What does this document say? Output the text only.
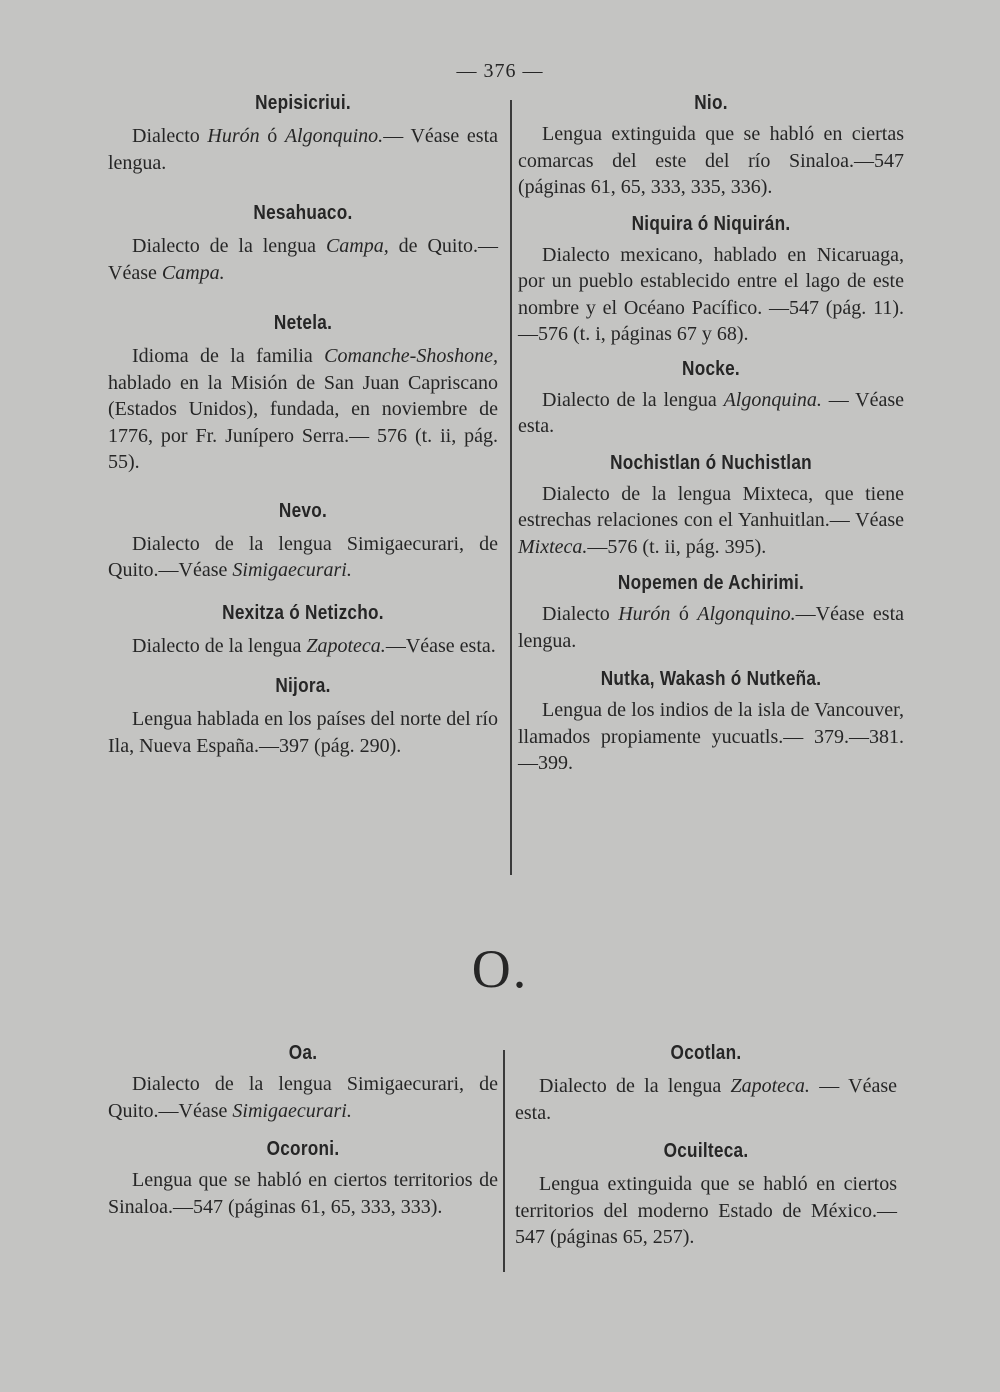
— 376 —
Nepisicriui.

Dialecto Hurón ó Algonquino.— Véase esta lengua.

Nesahuaco.

Dialecto de la lengua Campa, de Quito.— Véase Campa.

Netela.

Idioma de la familia Comanche-Shoshone, hablado en la Misión de San Juan Capriscano (Estados Unidos), fundada, en noviembre de 1776, por Fr. Junípero Serra.— 576 (t. ii, pág. 55).

Nevo.

Dialecto de la lengua Simigaecurari, de Quito.—Véase Simigaecurari.

Nexitza ó Netizcho.

Dialecto de la lengua Zapoteca.—Véase esta.

Nijora.

Lengua hablada en los países del norte del río Ila, Nueva España.—397 (pág. 290).

Nio.

Lengua extinguida que se habló en ciertas comarcas del este del río Sinaloa.—547 (páginas 61, 65, 333, 335, 336).

Niquira ó Niquirán.

Dialecto mexicano, hablado en Nicaruaga, por un pueblo establecido entre el lago de este nombre y el Océano Pacífico. —547 (pág. 11).—576 (t. i, páginas 67 y 68).

Nocke.

Dialecto de la lengua Algonquina. — Véase esta.

Nochistlan ó Nuchistlan

Dialecto de la lengua Mixteca, que tiene estrechas relaciones con el Yanhuitlan.— Véase Mixteca.—576 (t. ii, pág. 395).

Nopemen de Achirimi.

Dialecto Hurón ó Algonquino.—Véase esta lengua.

Nutka, Wakash ó Nutkeña.

Lengua de los indios de la isla de Vancouver, llamados propiamente yucuatls.— 379.—381.—399.

O.
Oa.

Dialecto de la lengua Simigaecurari, de Quito.—Véase Simigaecurari.

Ocoroni.

Lengua que se habló en ciertos territorios de Sinaloa.—547 (páginas 61, 65, 333, 333).

Ocotlan.

Dialecto de la lengua Zapoteca. — Véase esta.

Ocuilteca.

Lengua extinguida que se habló en ciertos territorios del moderno Estado de México.—547 (páginas 65, 257).
